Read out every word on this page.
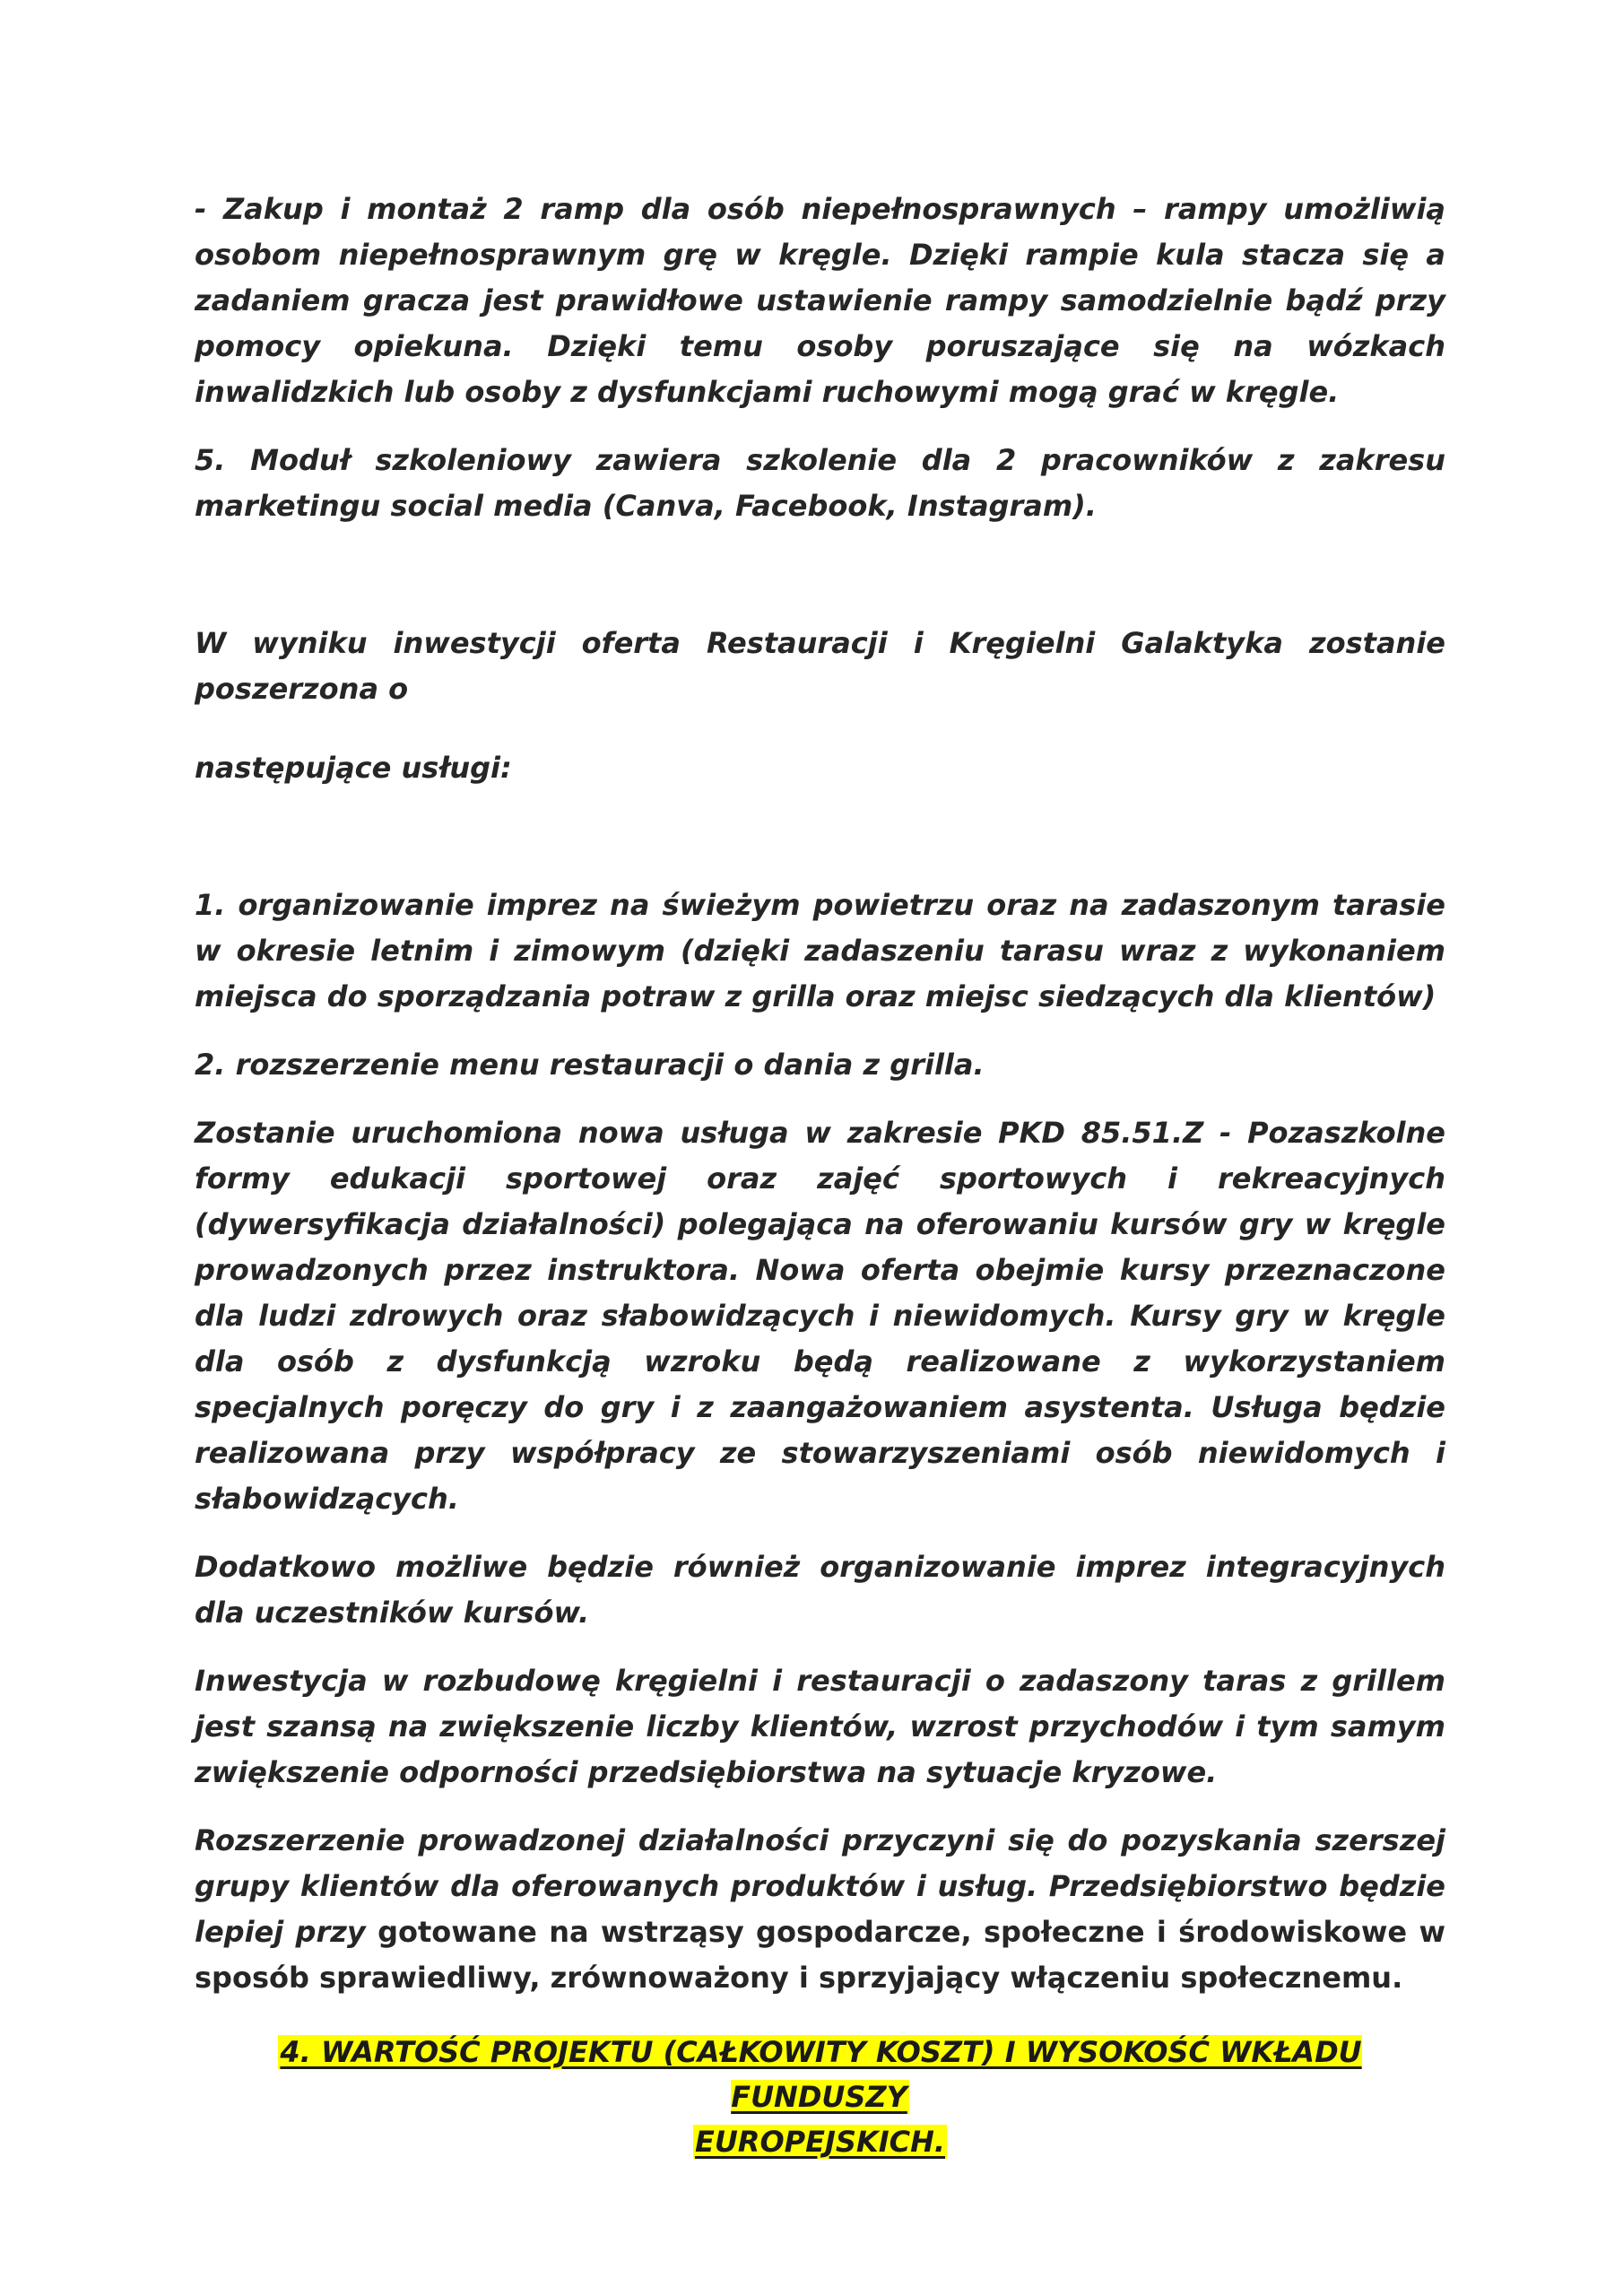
- Zakup i montaż 2 ramp dla osób niepełnosprawnych – rampy umożliwią osobom niepełnosprawnym grę w kręgle. Dzięki rampie kula stacza się a zadaniem gracza jest prawidłowe ustawienie rampy samodzielnie bądź przy pomocy opiekuna. Dzięki temu osoby poruszające się na wózkach inwalidzkich lub osoby z dysfunkcjami ruchowymi mogą grać w kręgle.

5. Moduł szkoleniowy zawiera szkolenie dla 2 pracowników z zakresu marketingu social media (Canva, Facebook, Instagram).

W wyniku inwestycji oferta Restauracji i Kręgielni Galaktyka zostanie poszerzona o

następujące usługi:

1. organizowanie imprez na świeżym powietrzu oraz na zadaszonym tarasie w okresie letnim i zimowym (dzięki zadaszeniu tarasu wraz z wykonaniem miejsca do sporządzania potraw z grilla oraz miejsc siedzących dla klientów)

2. rozszerzenie menu restauracji o dania z grilla.

Zostanie uruchomiona nowa usługa w zakresie PKD 85.51.Z - Pozaszkolne formy edukacji sportowej oraz zajęć sportowych i rekreacyjnych (dywersyfikacja działalności) polegająca na oferowaniu kursów gry w kręgle prowadzonych przez instruktora. Nowa oferta obejmie kursy przeznaczone dla ludzi zdrowych oraz słabowidzących i niewidomych. Kursy gry w kręgle dla osób z dysfunkcją wzroku będą realizowane z wykorzystaniem specjalnych poręczy do gry i z zaangażowaniem asystenta. Usługa będzie realizowana przy współpracy ze stowarzyszeniami osób niewidomych i słabowidzących.

Dodatkowo możliwe będzie również organizowanie imprez integracyjnych dla uczestników kursów.

Inwestycja w rozbudowę kręgielni i restauracji o zadaszony taras z grillem jest szansą na zwiększenie liczby klientów, wzrost przychodów i tym samym zwiększenie odporności przedsiębiorstwa na sytuacje kryzowe.

Rozszerzenie prowadzonej działalności przyczyni się do pozyskania szerszej grupy klientów dla oferowanych produktów i usług. Przedsiębiorstwo będzie lepiej przy gotowane na wstrząsy gospodarcze, społeczne i środowiskowe w sposób sprawiedliwy, zrównoważony i sprzyjający włączeniu społecznemu.

4. WARTOŚĆ PROJEKTU (CAŁKOWITY KOSZT) I WYSOKOŚĆ WKŁADU FUNDUSZY

EUROPEJSKICH.
